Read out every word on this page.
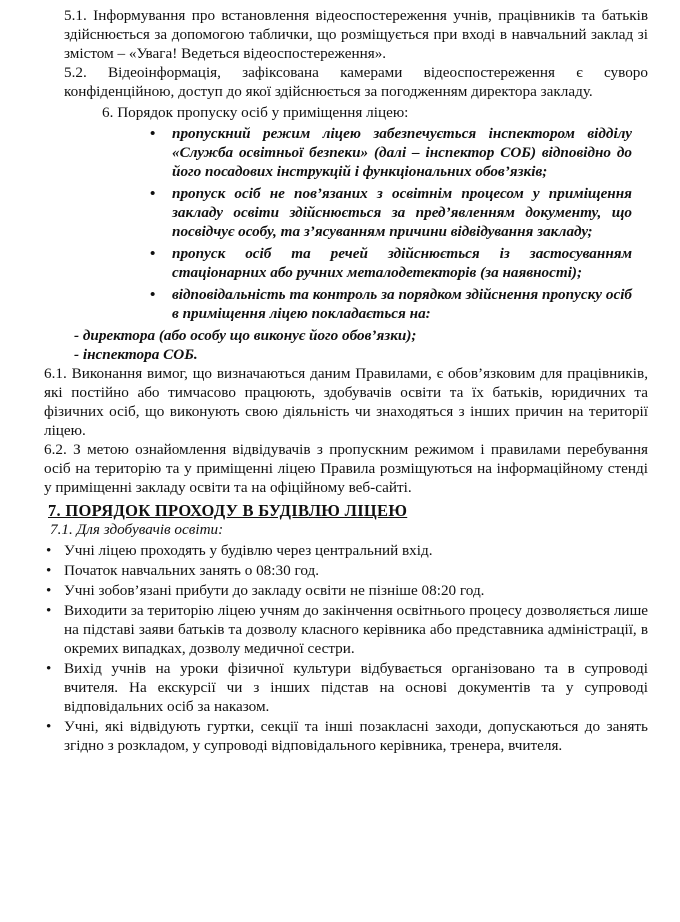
5.1. Інформування про встановлення відеоспостереження учнів, працівників та батьків здійснюється за допомогою таблички, що розміщується при вході в навчальний заклад зі змістом – «Увага! Ведеться відеоспостереження».

5.2. Відеоінформація, зафіксована камерами відеоспостереження є суворо конфіденційною, доступ до якої здійснюється за погодженням директора закладу.

6. Порядок пропуску осіб у приміщення ліцею:

• пропускний режим ліцею забезпечується інспектором відділу «Служба освітньої безпеки» (далі – інспектор СОБ) відповідно до його посадових інструкцій і функціональних обов’язків;
• пропуск осіб не пов’язаних з освітнім процесом у приміщення закладу освіти здійснюється за пред’явленням документу, що посвідчує особу, та з’ясуванням причини відвідування закладу;
• пропуск осіб та речей здійснюється із застосуванням стаціонарних або ручних металодетекторів (за наявності);
• відповідальність та контроль за порядком здійснення пропуску осіб в приміщення ліцею покладається на:

- директора (або особу що виконує його обов’язки);

- інспектора СОБ.

6.1. Виконання вимог, що визначаються даним Правилами, є обов’язковим для працівників, які постійно або тимчасово працюють, здобувачів освіти та їх батьків, юридичних та фізичних осіб, що виконують свою діяльність чи знаходяться з інших причин на території ліцею.

6.2. З метою ознайомлення відвідувачів з пропускним режимом і правилами перебування осіб на територію та у приміщенні ліцею Правила розміщуються на інформаційному стенді у приміщенні закладу освіти та на офіційному веб-сайті.

7. ПОРЯДОК ПРОХОДУ В БУДІВЛЮ ЛІЦЕЮ

7.1. Для здобувачів освіти:

• Учні ліцею проходять у будівлю через центральний вхід.
• Початок навчальних занять о 08:30 год.
• Учні зобов’язані прибути до закладу освіти не пізніше 08:20 год.
• Виходити за територію ліцею учням до закінчення освітнього процесу дозволяється лише на підставі заяви батьків та дозволу класного керівника або представника адміністрації, в окремих випадках, дозволу медичної сестри.
• Вихід учнів на уроки фізичної культури відбувається організовано та в супроводі вчителя. На екскурсії чи з інших підстав на основі документів та у супроводі відповідальних осіб за наказом.
• Учні, які відвідують гуртки, секції та інші позакласні заходи, допускаються до занять згідно з розкладом, у супроводі відповідального керівника, тренера, вчителя.
